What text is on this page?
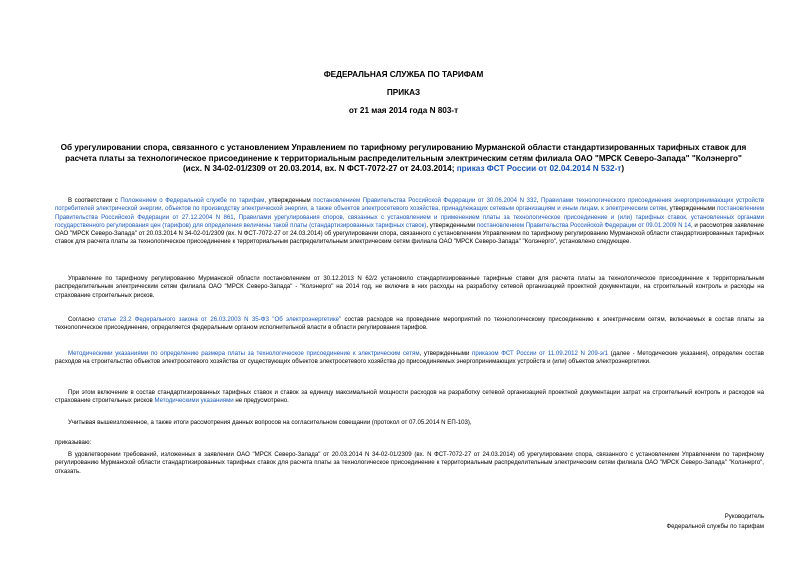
ФЕДЕРАЛЬНАЯ СЛУЖБА ПО ТАРИФАМ
ПРИКАЗ
от 21 мая 2014 года N 803-т
Об урегулировании спора, связанного с установлением Управлением по тарифному регулированию Мурманской области стандартизированных тарифных ставок для расчета платы за технологическое присоединение к территориальным распределительным электрическим сетям филиала ОАО "МРСК Северо-Запада" "Колэнерго" (исх. N 34-02-01/2309 от 20.03.2014, вх. N ФСТ-7072-27 от 24.03.2014; приказ ФСТ России от 02.04.2014 N 532-т)

В соответствии с Положением о Федеральной службе по тарифам, утвержденным постановлением Правительства Российской Федерации от 30.06.2004 N 332, Правилами технологического присоединения энергопринимающих устройств потребителей электрической энергии, объектов по производству электрической энергии, а также объектов электросетевого хозяйства, принадлежащих сетевым организациям и иным лицам, к электрическим сетям, утвержденными постановлением Правительства Российской Федерации от 27.12.2004 N 861, Правилами урегулирования споров, связанных с установлением и применением платы за технологическое присоединение и (или) тарифных ставок, установленных органами государственного регулирования цен (тарифов) для определения величины такой платы (стандартизированных тарифных ставок), утвержденными постановлением Правительства Российской Федерации от 09.01.2009 N 14, и рассмотрев заявление ОАО "МРСК Северо-Запада" от 20.03.2014 N 34-02-01/2309 (вх. N ФСТ-7072-27 от 24.03.2014) об урегулировании спора, связанного с установлением Управлением по тарифному регулированию Мурманской области стандартизированных тарифных ставок для расчета платы за технологическое присоединение к территориальным распределительным электрическим сетям филиала ОАО "МРСК Северо-Запада" "Колэнерго", установлено следующее.

Управление по тарифному регулированию Мурманской области постановлением от 30.12.2013 N 62/2 установило стандартизированные тарифные ставки для расчета платы за технологическое присоединение к территориальным распределительным электрическим сетям филиала ОАО "МРСК Северо-Запада" - "Колэнерго" на 2014 год, не включив в них расходы на разработку сетевой организацией проектной документации, на строительный контроль и расходы на страхование строительных рисков.

Согласно статье 23.2 Федерального закона от 26.03.2003 N 35-ФЗ "Об электроэнергетике" состав расходов на проведение мероприятий по технологическому присоединению к электрическим сетям, включаемых в состав платы за технологическое присоединение, определяется федеральным органом исполнительной власти в области регулирования тарифов.

Методическими указаниями по определению размера платы за технологическое присоединение к электрическим сетям, утвержденными приказом ФСТ России от 11.09.2012 N 209-э/1 (далее - Методические указания), определен состав расходов на строительство объектов электросетевого хозяйства от существующих объектов электросетевого хозяйства до присоединяемых энергопринимающих устройств и (или) объектов электроэнергетики.

При этом включение в состав стандартизированных тарифных ставок и ставок за единицу максимальной мощности расходов на разработку сетевой организацией проектной документации затрат на строительный контроль и расходов на страхование строительных рисков Методическими указаниями не предусмотрено.

Учитывая вышеизложенное, а также итоги рассмотрения данных вопросов на согласительном совещании (протокол от 07.05.2014 N ЕП-103),

приказываю:

В удовлетворении требований, изложенных в заявлении ОАО "МРСК Северо-Запада" от 20.03.2014 N 34-02-01/2309 (вх. N ФСТ-7072-27 от 24.03.2014) об урегулировании спора, связанного с установлением Управлением по тарифному регулированию Мурманской области стандартизированных тарифных ставок для расчета платы за технологическое присоединение к территориальным распределительным электрическим сетям филиала ОАО "МРСК Северо-Запада" "Колэнерго", отказать.

Руководитель
Федеральной службы по тарифам
